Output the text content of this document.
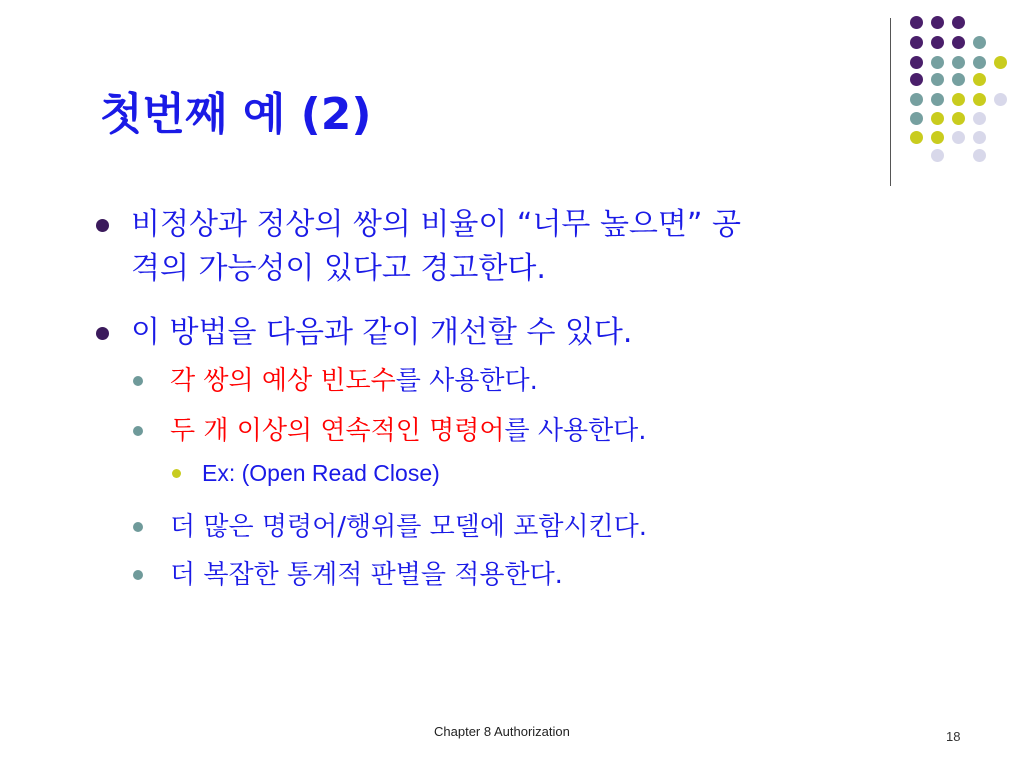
첫번째 예 (2)
비정상과 정상의 쌍의 비율이 “너무 높으면” 공
격의 가능성이 있다고 경고한다.
이 방법을 다음과 같이 개선할 수 있다.
각 쌍의 예상 빈도수를 사용한다.
두 개 이상의 연속적인 명령어를 사용한다.
Ex: (Open Read Close)
더 많은 명령어/행위를 모델에 포함시킨다.
더 복잡한 통계적 판별을 적용한다.
Chapter 8 Authorization	18
